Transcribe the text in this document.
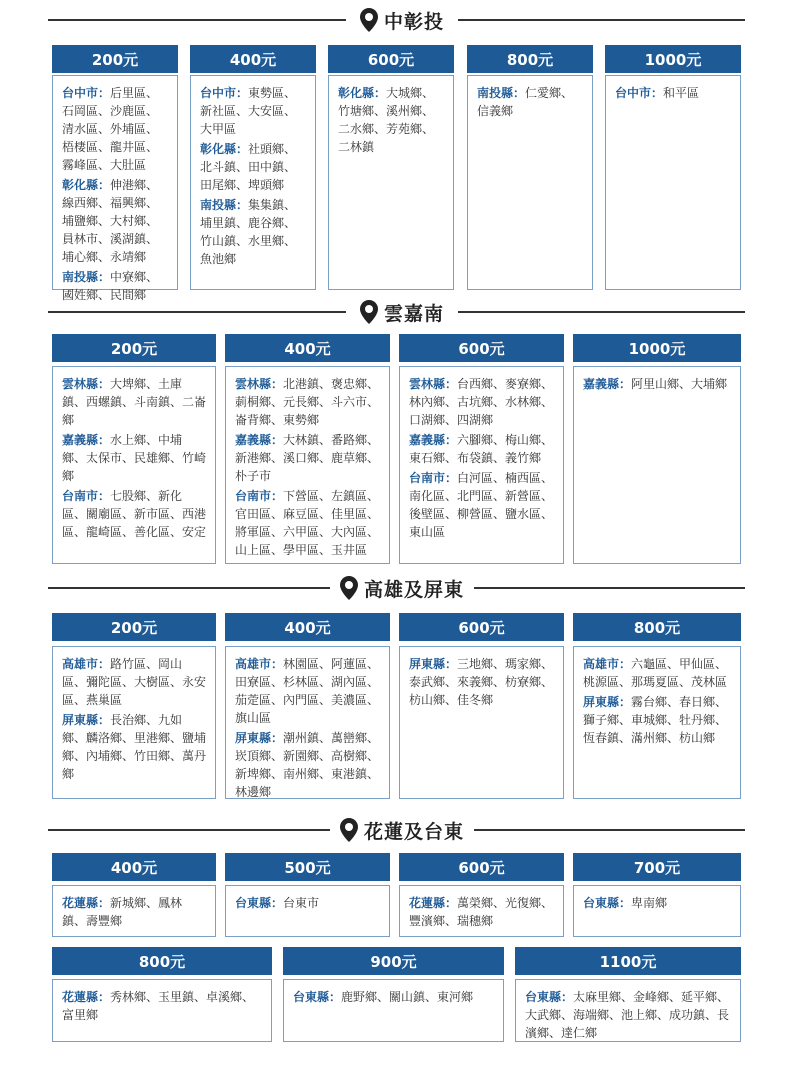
中彰投
200元
台中市：后里區、石岡區、沙鹿區、清水區、外埔區、梧棲區、龍井區、霧峰區、大肚區
彰化縣：伸港鄉、線西鄉、福興鄉、埔鹽鄉、大村鄉、員林市、溪湖鎮、埔心鄉、永靖鄉
南投縣：中寮鄉、國姓鄉、民間鄉
400元
台中市：東勢區、新社區、大安區、大甲區
彰化縣：社頭鄉、北斗鎮、田中鎮、田尾鄉、埤頭鄉
南投縣：集集鎮、埔里鎮、鹿谷鄉、竹山鎮、水里鄉、魚池鄉
600元
彰化縣：大城鄉、竹塘鄉、溪州鄉、二水鄉、芳苑鄉、二林鎮
800元
南投縣：仁愛鄉、信義鄉
1000元
台中市：和平區
雲嘉南
200元
雲林縣：大埤鄉、土庫鎮、西螺鎮、斗南鎮、二崙鄉
嘉義縣：水上鄉、中埔鄉、太保市、民雄鄉、竹崎鄉
台南市：七股鄉、新化區、關廟區、新市區、西港區、龍崎區、善化區、安定
400元
雲林縣：北港鎮、褒忠鄉、莿桐鄉、元長鄉、斗六市、崙背鄉、東勢鄉
嘉義縣：大林鎮、番路鄉、新港鄉、溪口鄉、鹿草鄉、朴子市
台南市：下營區、左鎮區、官田區、麻豆區、佳里區、將軍區、六甲區、大內區、山上區、學甲區、玉井區
600元
雲林縣：台西鄉、麥寮鄉、林內鄉、古坑鄉、水林鄉、口湖鄉、四湖鄉
嘉義縣：六腳鄉、梅山鄉、東石鄉、布袋鎮、義竹鄉
台南市：白河區、楠西區、南化區、北門區、新營區、後壁區、柳營區、鹽水區、東山區
1000元
嘉義縣：阿里山鄉、大埔鄉
高雄及屏東
200元
高雄市：路竹區、岡山區、彌陀區、大樹區、永安區、燕巢區
屏東縣：長治鄉、九如鄉、麟洛鄉、里港鄉、鹽埔鄉、內埔鄉、竹田鄉、萬丹鄉
400元
高雄市：林園區、阿蓮區、田寮區、杉林區、湖內區、茄萣區、內門區、美濃區、旗山區
屏東縣：潮州鎮、萬巒鄉、崁頂鄉、新園鄉、高樹鄉、新埤鄉、南州鄉、東港鎮、林邊鄉
600元
屏東縣：三地鄉、瑪家鄉、泰武鄉、來義鄉、枋寮鄉、枋山鄉、佳冬鄉
800元
高雄市：六龜區、甲仙區、桃源區、那瑪夏區、茂林區
屏東縣：霧台鄉、春日鄉、獅子鄉、車城鄉、牡丹鄉、恆春鎮、滿州鄉、枋山鄉
花蓮及台東
400元
花蓮縣：新城鄉、鳳林鎮、壽豐鄉
500元
台東縣：台東市
600元
花蓮縣：萬榮鄉、光復鄉、豐濱鄉、瑞穗鄉
700元
台東縣：卑南鄉
800元
花蓮縣：秀林鄉、玉里鎮、卓溪鄉、富里鄉
900元
台東縣：鹿野鄉、關山鎮、東河鄉
1100元
台東縣：太麻里鄉、金峰鄉、延平鄉、大武鄉、海端鄉、池上鄉、成功鎮、長濱鄉、達仁鄉
